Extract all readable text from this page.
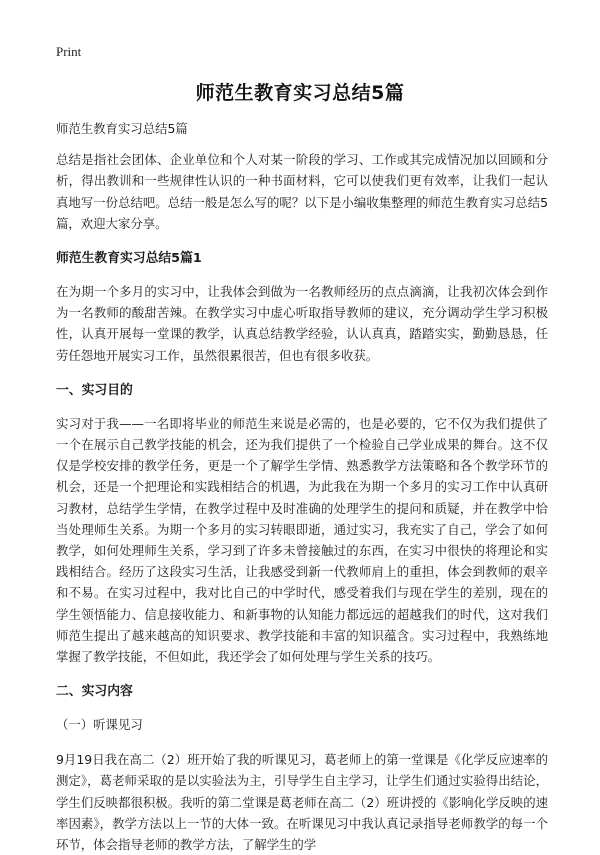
Print
师范生教育实习总结5篇

师范生教育实习总结5篇

总结是指社会团体、企业单位和个人对某一阶段的学习、工作或其完成情况加以回顾和分析，得出教训和一些规律性认识的一种书面材料，它可以使我们更有效率，让我们一起认真地写一份总结吧。总结一般是怎么写的呢？以下是小编收集整理的师范生教育实习总结5篇，欢迎大家分享。

师范生教育实习总结5篇1

在为期一个多月的实习中，让我体会到做为一名教师经历的点点滴滴，让我初次体会到作为一名教师的酸甜苦辣。在教学实习中虚心听取指导教师的建议，充分调动学生学习积极性，认真开展每一堂课的教学，认真总结教学经验，认认真真，踏踏实实，勤勤恳恳，任劳任怨地开展实习工作，虽然很累很苦，但也有很多收获。

一、实习目的

实习对于我——一名即将毕业的师范生来说是必需的，也是必要的，它不仅为我们提供了一个在展示自己教学技能的机会，还为我们提供了一个检验自己学业成果的舞台。这不仅仅是学校安排的教学任务，更是一个了解学生学情、熟悉教学方法策略和各个教学环节的机会，还是一个把理论和实践相结合的机遇，为此我在为期一个多月的实习工作中认真研习教材，总结学生学情，在教学过程中及时准确的处理学生的提问和质疑，并在教学中恰当处理师生关系。为期一个多月的实习转眼即逝，通过实习，我充实了自己，学会了如何教学，如何处理师生关系，学习到了许多未曾接触过的东西，在实习中很快的将理论和实践相结合。经历了这段实习生活，让我感受到新一代教师肩上的重担，体会到教师的艰辛和不易。在实习过程中，我对比自己的中学时代，感受着我们与现在学生的差别，现在的学生领悟能力、信息接收能力、和新事物的认知能力都远远的超越我们的时代，这对我们师范生提出了越来越高的知识要求、教学技能和丰富的知识蕴含。实习过程中，我熟练地掌握了教学技能，不但如此，我还学会了如何处理与学生关系的技巧。

二、实习内容

（一）听课见习

9月19日我在高二（2）班开始了我的听课见习，葛老师上的第一堂课是《化学反应速率的测定》，葛老师采取的是以实验法为主，引导学生自主学习，让学生们通过实验得出结论，学生们反映都很积极。我听的第二堂课是葛老师在高二（2）班讲授的《影响化学反映的速率因素》，教学方法以上一节的大体一致。在听课见习中我认真记录指导老师教学的每一个环节，体会指导老师的教学方法，了解学生的学
